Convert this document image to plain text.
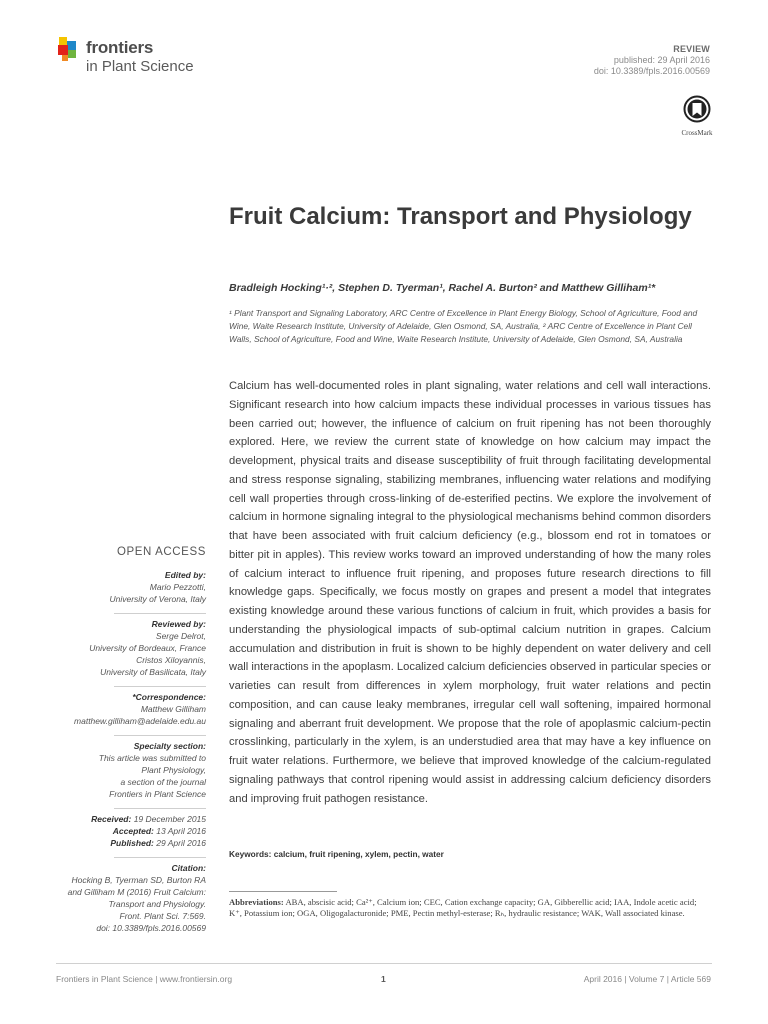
frontiers
in Plant Science
REVIEW
published: 29 April 2016
doi: 10.3389/fpls.2016.00569
CrossMark
Fruit Calcium: Transport and Physiology
Bradleigh Hocking¹·², Stephen D. Tyerman¹, Rachel A. Burton² and Matthew Gilliham¹*
¹ Plant Transport and Signaling Laboratory, ARC Centre of Excellence in Plant Energy Biology, School of Agriculture, Food and Wine, Waite Research Institute, University of Adelaide, Glen Osmond, SA, Australia, ² ARC Centre of Excellence in Plant Cell Walls, School of Agriculture, Food and Wine, Waite Research Institute, University of Adelaide, Glen Osmond, SA, Australia

Calcium has well-documented roles in plant signaling, water relations and cell wall interactions. Significant research into how calcium impacts these individual processes in various tissues has been carried out; however, the influence of calcium on fruit ripening has not been thoroughly explored. Here, we review the current state of knowledge on how calcium may impact the development, physical traits and disease susceptibility of fruit through facilitating developmental and stress response signaling, stabilizing membranes, influencing water relations and modifying cell wall properties through cross-linking of de-esterified pectins. We explore the involvement of calcium in hormone signaling integral to the physiological mechanisms behind common disorders that have been associated with fruit calcium deficiency (e.g., blossom end rot in tomatoes or bitter pit in apples). This review works toward an improved understanding of how the many roles of calcium interact to influence fruit ripening, and proposes future research directions to fill knowledge gaps. Specifically, we focus mostly on grapes and present a model that integrates existing knowledge around these various functions of calcium in fruit, which provides a basis for understanding the physiological impacts of sub-optimal calcium nutrition in grapes. Calcium accumulation and distribution in fruit is shown to be highly dependent on water delivery and cell wall interactions in the apoplasm. Localized calcium deficiencies observed in particular species or varieties can result from differences in xylem morphology, fruit water relations and pectin composition, and can cause leaky membranes, irregular cell wall softening, impaired hormonal signaling and aberrant fruit development. We propose that the role of apoplasmic calcium-pectin crosslinking, particularly in the xylem, is an understudied area that may have a key influence on fruit water relations. Furthermore, we believe that improved knowledge of the calcium-regulated signaling pathways that control ripening would assist in addressing calcium deficiency disorders and improving fruit pathogen resistance.

Keywords: calcium, fruit ripening, xylem, pectin, water
OPEN ACCESS
Edited by:
Mario Pezzotti,
University of Verona, Italy
Reviewed by:
Serge Delrot,
University of Bordeaux, France
Cristos Xiloyannis,
University of Basilicata, Italy
*Correspondence:
Matthew Gilliham
matthew.gilliham@adelaide.edu.au
Specialty section:
This article was submitted to
Plant Physiology,
a section of the journal
Frontiers in Plant Science
Received: 19 December 2015
Accepted: 13 April 2016
Published: 29 April 2016
Citation:
Hocking B, Tyerman SD, Burton RA
and Gilliham M (2016) Fruit Calcium:
Transport and Physiology.
Front. Plant Sci. 7:569.
doi: 10.3389/fpls.2016.00569
Abbreviations: ABA, abscisic acid; Ca²⁺, Calcium ion; CEC, Cation exchange capacity; GA, Gibberellic acid; IAA, Indole acetic acid; K⁺, Potassium ion; OGA, Oligogalacturonide; PME, Pectin methyl-esterase; Rₕ, hydraulic resistance; WAK, Wall associated kinase.
Frontiers in Plant Science | www.frontiersin.org	1	April 2016 | Volume 7 | Article 569
